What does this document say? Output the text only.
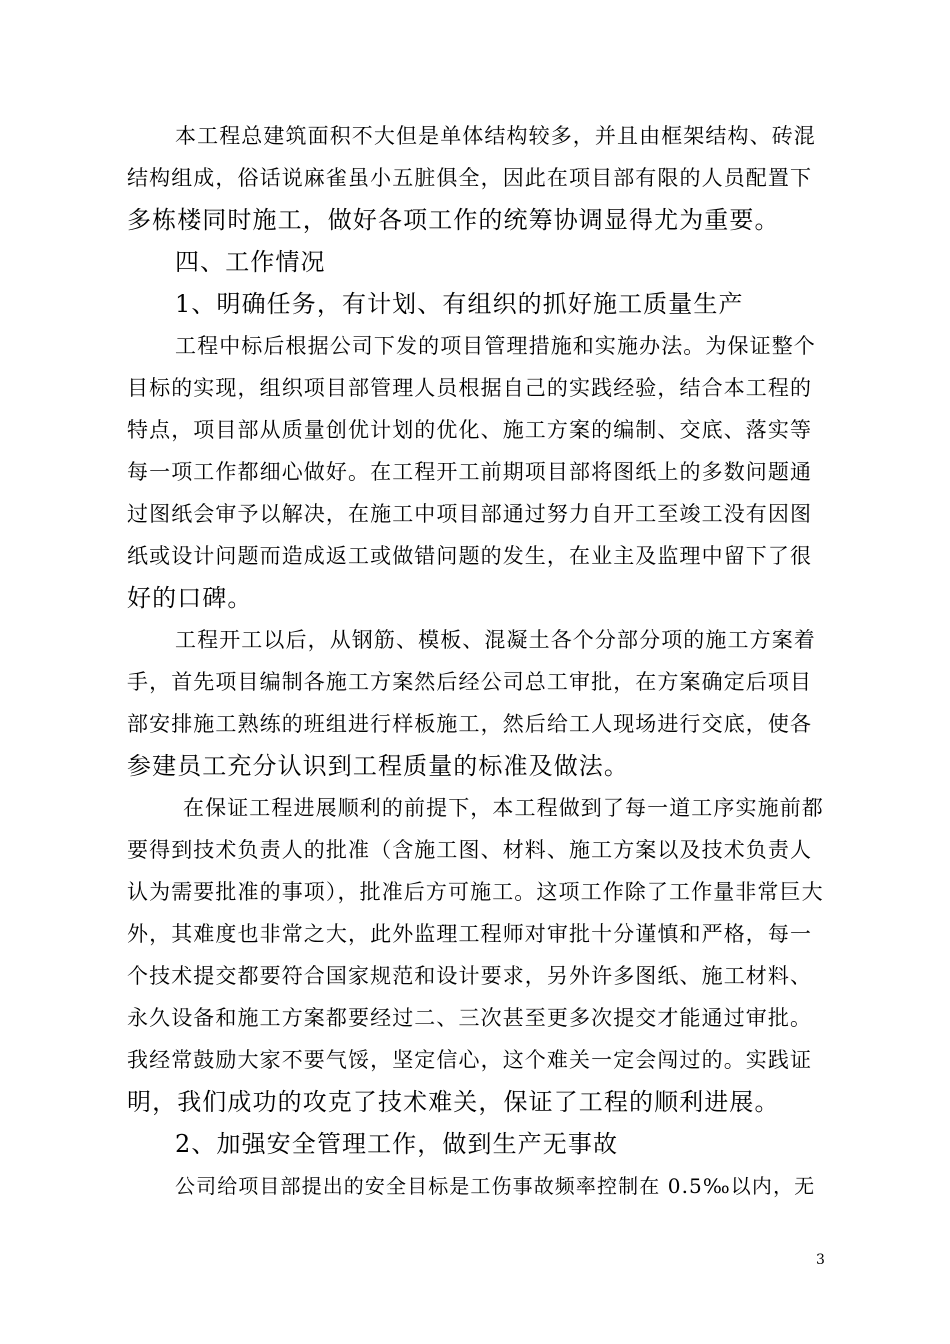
本工程总建筑面积不大但是单体结构较多，并且由框架结构、砖混
结构组成，俗话说麻雀虽小五脏俱全，因此在项目部有限的人员配置下
多栋楼同时施工，做好各项工作的统筹协调显得尤为重要。
四、工作情况
1、明确任务，有计划、有组织的抓好施工质量生产
工程中标后根据公司下发的项目管理措施和实施办法。为保证整个
目标的实现，组织项目部管理人员根据自己的实践经验，结合本工程的
特点，项目部从质量创优计划的优化、施工方案的编制、交底、落实等
每一项工作都细心做好。在工程开工前期项目部将图纸上的多数问题通
过图纸会审予以解决，在施工中项目部通过努力自开工至竣工没有因图
纸或设计问题而造成返工或做错问题的发生，在业主及监理中留下了很
好的口碑。
工程开工以后，从钢筋、模板、混凝土各个分部分项的施工方案着
手，首先项目编制各施工方案然后经公司总工审批，在方案确定后项目
部安排施工熟练的班组进行样板施工，然后给工人现场进行交底，使各
参建员工充分认识到工程质量的标准及做法。
在保证工程进展顺利的前提下，本工程做到了每一道工序实施前都
要得到技术负责人的批准（含施工图、材料、施工方案以及技术负责人
认为需要批准的事项），批准后方可施工。这项工作除了工作量非常巨大
外，其难度也非常之大，此外监理工程师对审批十分谨慎和严格，每一
个技术提交都要符合国家规范和设计要求，另外许多图纸、施工材料、
永久设备和施工方案都要经过二、三次甚至更多次提交才能通过审批。
我经常鼓励大家不要气馁，坚定信心，这个难关一定会闯过的。实践证
明，我们成功的攻克了技术难关，保证了工程的顺利进展。
2、加强安全管理工作，做到生产无事故
公司给项目部提出的安全目标是工伤事故频率控制在 0.5‰以内，无
3
